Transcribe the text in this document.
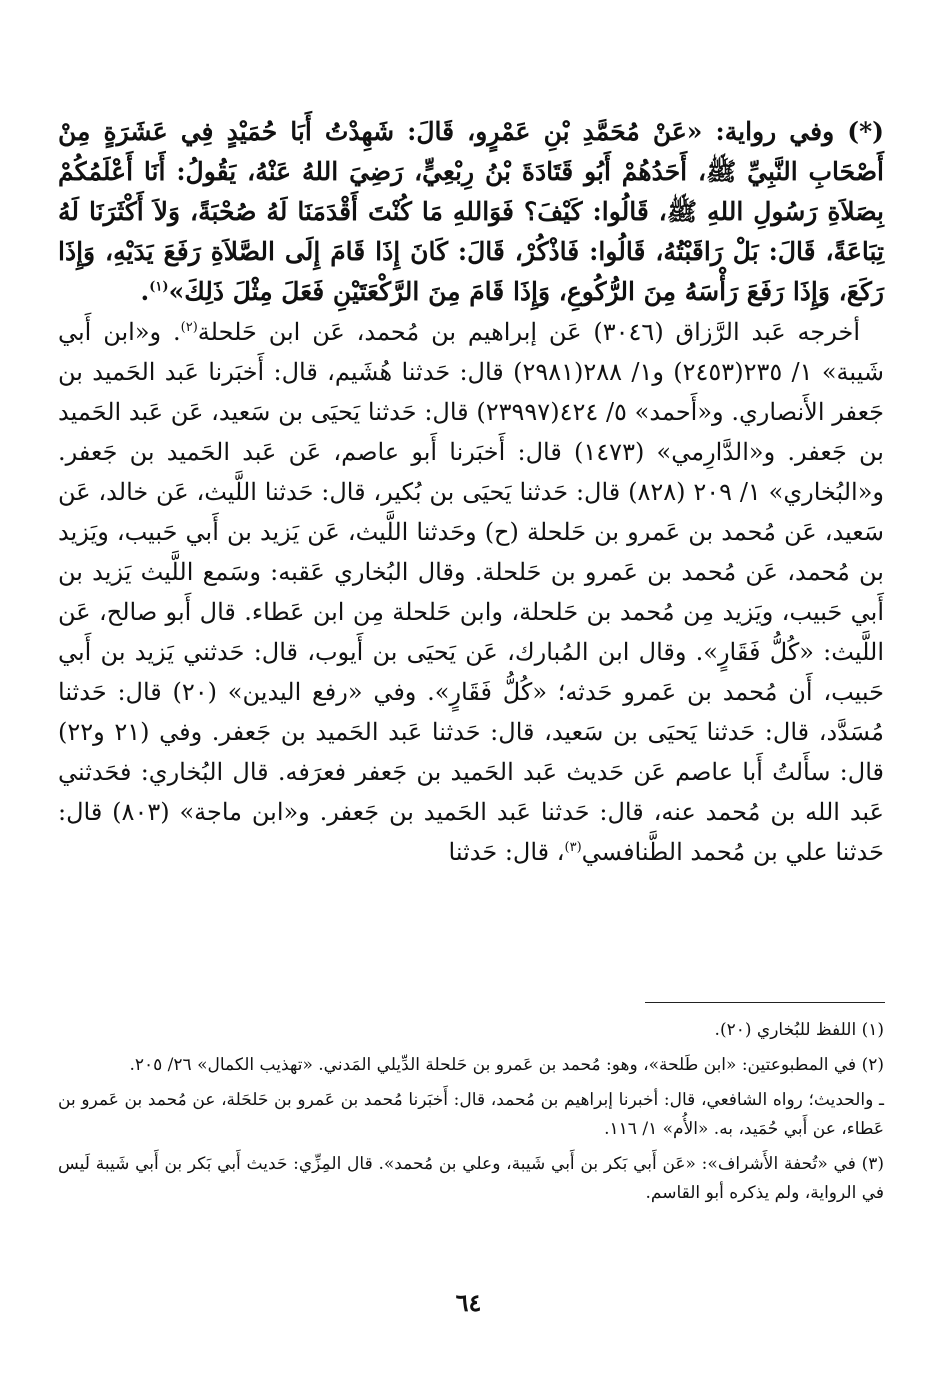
(*) وفي رواية: «عَنْ مُحَمَّدِ بْنِ عَمْرٍو، قَالَ: شَهِدْتُ أَبَا حُمَيْدٍ فِي عَشَرَةٍ مِنْ أَصْحَابِ النَّبِيِّ ﷺ، أَحَدُهُمْ أَبُو قَتَادَةَ بْنُ رِبْعِيٍّ، رَضِيَ اللهُ عَنْهُ، يَقُولُ: أَنَا أَعْلَمُكُمْ بِصَلاَةِ رَسُولِ اللهِ ﷺ، قَالُوا: كَيْفَ؟ فَوَاللهِ مَا كُنْتَ أَقْدَمَنَا لَهُ صُحْبَةً، وَلاَ أَكْثَرَنَا لَهُ تِبَاعَةً، قَالَ: بَلْ رَاقَبْتُهُ، قَالُوا: فَاذْكُرْ، قَالَ: كَانَ إِذَا قَامَ إِلَى الصَّلاَةِ رَفَعَ يَدَيْهِ، وَإِذَا رَكَعَ، وَإِذَا رَفَعَ رَأْسَهُ مِنَ الرُّكُوعِ، وَإِذَا قَامَ مِنَ الرَّكْعَتَيْنِ فَعَلَ مِثْلَ ذَلِكَ»$^{(١)}$.

أخرجه عَبد الرَّزاق (٣٠٤٦) عَن إبراهيم بن مُحمد، عَن ابن حَلحلة$^{(٢)}$. و«ابن أَبي شَيبة» ١/ ٢٣٥(٢٤٥٣) و١/ ٢٨٨(٢٩٨١) قال: حَدثنا هُشَيم، قال: أَخبَرنا عَبد الحَميد بن جَعفر الأَنصاري. و«أَحمد» ٥/ ٤٢٤(٢٣٩٩٧) قال: حَدثنا يَحيَى بن سَعيد، عَن عَبد الحَميد بن جَعفر. و«الدَّارِمي» (١٤٧٣) قال: أَخبَرنا أَبو عاصم، عَن عَبد الحَميد بن جَعفر. و«البُخاري» ١/ ٢٠٩ (٨٢٨) قال: حَدثنا يَحيَى بن بُكير، قال: حَدثنا اللَّيث، عَن خالد، عَن سَعيد، عَن مُحمد بن عَمرو بن حَلحلة (ح) وحَدثنا اللَّيث، عَن يَزيد بن أَبي حَبيب، ويَزيد بن مُحمد، عَن مُحمد بن عَمرو بن حَلحلة. وقال البُخاري عَقبه: وسَمع اللَّيث يَزيد بن أَبي حَبيب، ويَزيد مِن مُحمد بن حَلحلة، وابن حَلحلة مِن ابن عَطاء. قال أَبو صالح، عَن اللَّيث: «كُلُّ فَقَارٍ». وقال ابن المُبارك، عَن يَحيَى بن أَيوب، قال: حَدثني يَزيد بن أَبي حَبيب، أَن مُحمد بن عَمرو حَدثه؛ «كُلُّ فَقَارٍ». وفي «رفع اليدين» (٢٠) قال: حَدثنا مُسَدَّد، قال: حَدثنا يَحيَى بن سَعيد، قال: حَدثنا عَبد الحَميد بن جَعفر. وفي (٢١ و٢٢) قال: سأَلتُ أَبا عاصم عَن حَديث عَبد الحَميد بن جَعفر فعرَفه. قال البُخاري: فحَدثني عَبد الله بن مُحمد عنه، قال: حَدثنا عَبد الحَميد بن جَعفر. و«ابن ماجة» (٨٠٣) قال: حَدثنا علي بن مُحمد الطَّنافسي$^{(٣)}$، قال: حَدثنا

(١) اللفظ للبُخاري (٢٠).

(٢) في المطبوعتين: «ابن طَلحة»، وهو: مُحمد بن عَمرو بن حَلحلة الدِّيلي المَدني. «تهذيب الكمال» ٢٦/ ٢٠٥.

ـ والحديث؛ رواه الشافعي، قال: أخبرنا إبراهيم بن مُحمد، قال: أَخبَرنا مُحمد بن عَمرو بن حَلحَلة، عن مُحمد بن عَمرو بن عَطاء، عن أَبي حُمَيد، به. «الأُم» ١/ ١١٦.

(٣) في «تُحفة الأَشراف»: «عَن أَبي بَكر بن أَبي شَيبة، وعلي بن مُحمد». قال المِزِّي: حَديث أَبي بَكر بن أَبي شَيبة لَيس في الرواية، ولم يذكره أبو القاسم.

٦٤
